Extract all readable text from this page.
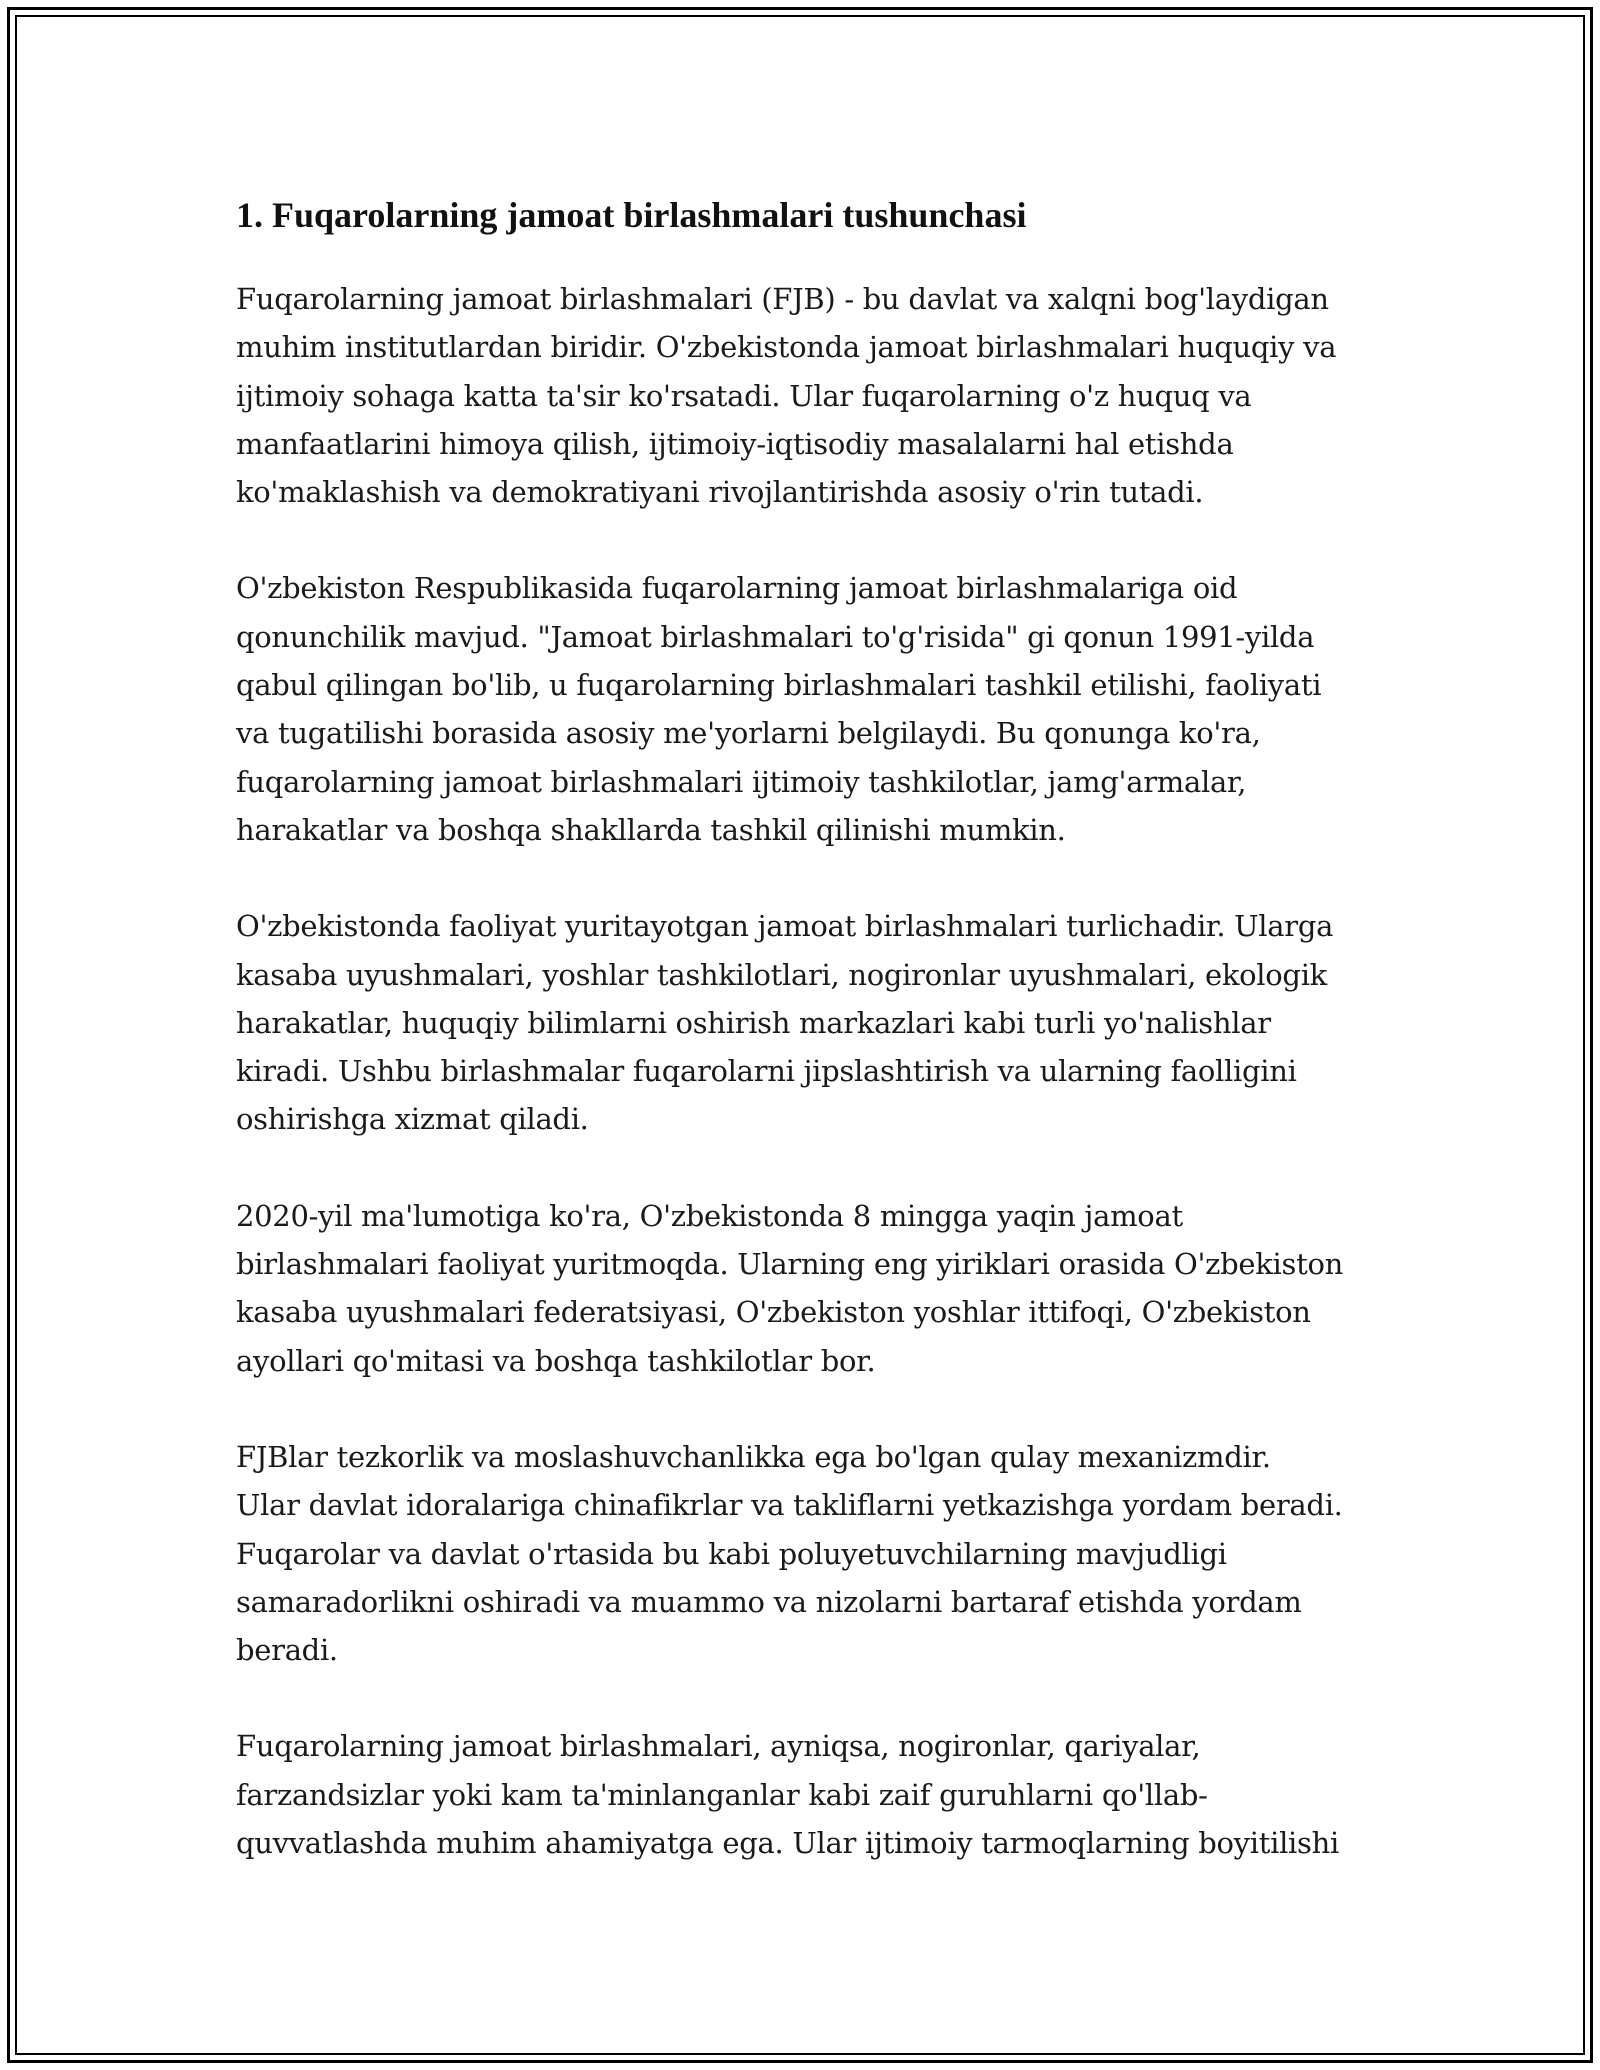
1. Fuqarolarning jamoat birlashmalari tushunchasi
Fuqarolarning jamoat birlashmalari (FJB) - bu davlat va xalqni bog'laydigan
muhim institutlardan biridir. O'zbekistonda jamoat birlashmalari huquqiy va
ijtimoiy sohaga katta ta'sir ko'rsatadi. Ular fuqarolarning o'z huquq va
manfaatlarini himoya qilish, ijtimoiy-iqtisodiy masalalarni hal etishda
ko'maklashish va demokratiyani rivojlantirishda asosiy o'rin tutadi.
O'zbekiston Respublikasida fuqarolarning jamoat birlashmalariga oid
qonunchilik mavjud. "Jamoat birlashmalari to'g'risida" gi qonun 1991-yilda
qabul qilingan bo'lib, u fuqarolarning birlashmalari tashkil etilishi, faoliyati
va tugatilishi borasida asosiy me'yorlarni belgilaydi. Bu qonunga ko'ra,
fuqarolarning jamoat birlashmalari ijtimoiy tashkilotlar, jamg'armalar,
harakatlar va boshqa shakllarda tashkil qilinishi mumkin.
O'zbekistonda faoliyat yuritayotgan jamoat birlashmalari turlichadir. Ularga
kasaba uyushmalari, yoshlar tashkilotlari, nogironlar uyushmalari, ekologik
harakatlar, huquqiy bilimlarni oshirish markazlari kabi turli yo'nalishlar
kiradi. Ushbu birlashmalar fuqarolarni jipslashtirish va ularning faolligini
oshirishga xizmat qiladi.
2020-yil ma'lumotiga ko'ra, O'zbekistonda 8 mingga yaqin jamoat
birlashmalari faoliyat yuritmoqda. Ularning eng yiriklari orasida O'zbekiston
kasaba uyushmalari federatsiyasi, O'zbekiston yoshlar ittifoqi, O'zbekiston
ayollari qo'mitasi va boshqa tashkilotlar bor.
FJBlar tezkorlik va moslashuvchanlikka ega bo'lgan qulay mexanizmdir.
Ular davlat idoralariga chinafikrlar va takliflarni yetkazishga yordam beradi.
Fuqarolar va davlat o'rtasida bu kabi poluyetuvchilarning mavjudligi
samaradorlikni oshiradi va muammo va nizolarni bartaraf etishda yordam
beradi.
Fuqarolarning jamoat birlashmalari, ayniqsa, nogironlar, qariyalar,
farzandsizlar yoki kam ta'minlanganlar kabi zaif guruhlarni qo'llab-
quvvatlashda muhim ahamiyatga ega. Ular ijtimoiy tarmoqlarning boyitilishi
